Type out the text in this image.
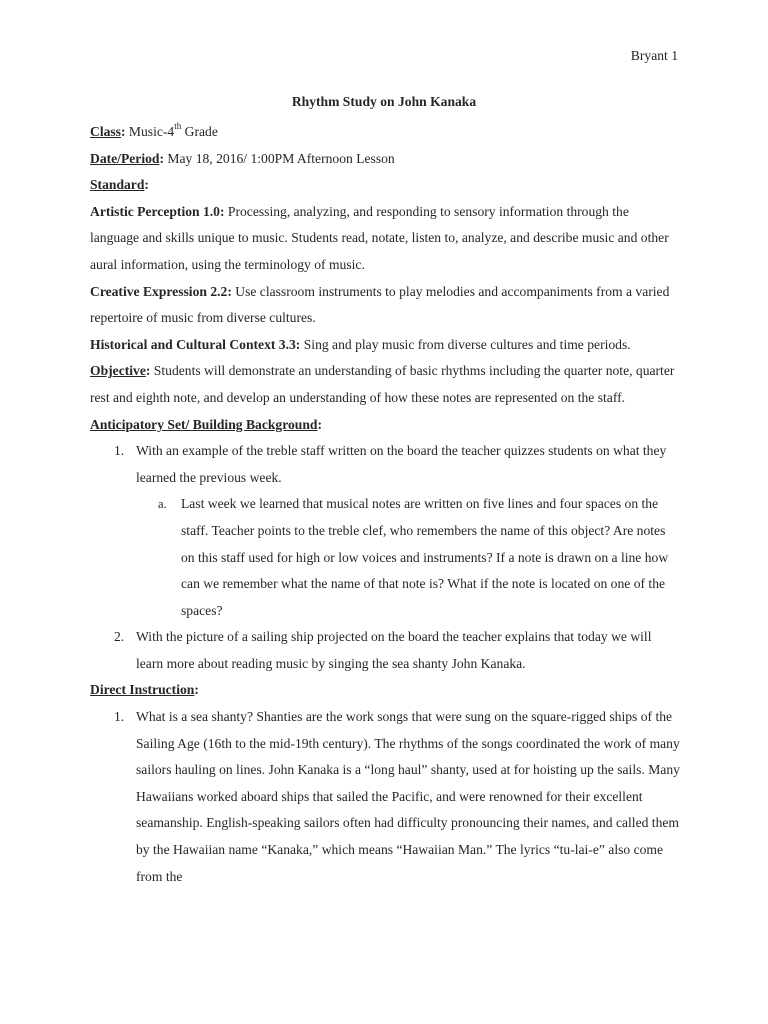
Bryant 1
Rhythm Study on John Kanaka

Class: Music-4th Grade

Date/Period: May 18, 2016/ 1:00PM Afternoon Lesson

Standard:

Artistic Perception 1.0: Processing, analyzing, and responding to sensory information through the language and skills unique to music. Students read, notate, listen to, analyze, and describe music and other aural information, using the terminology of music.

Creative Expression 2.2: Use classroom instruments to play melodies and accompaniments from a varied repertoire of music from diverse cultures.

Historical and Cultural Context 3.3: Sing and play music from diverse cultures and time periods.

Objective: Students will demonstrate an understanding of basic rhythms including the quarter note, quarter rest and eighth note, and develop an understanding of how these notes are represented on the staff.

Anticipatory Set/ Building Background:

1. With an example of the treble staff written on the board the teacher quizzes students on what they learned the previous week.
a. Last week we learned that musical notes are written on five lines and four spaces on the staff. Teacher points to the treble clef, who remembers the name of this object? Are notes on this staff used for high or low voices and instruments? If a note is drawn on a line how can we remember what the name of that note is? What if the note is located on one of the spaces?
2. With the picture of a sailing ship projected on the board the teacher explains that today we will learn more about reading music by singing the sea shanty John Kanaka.

Direct Instruction:

1. What is a sea shanty? Shanties are the work songs that were sung on the square-rigged ships of the Sailing Age (16th to the mid-19th century). The rhythms of the songs coordinated the work of many sailors hauling on lines. John Kanaka is a “long haul” shanty, used at for hoisting up the sails. Many Hawaiians worked aboard ships that sailed the Pacific, and were renowned for their excellent seamanship. English-speaking sailors often had difficulty pronouncing their names, and called them by the Hawaiian name “Kanaka,” which means “Hawaiian Man.” The lyrics “tu-lai-e” also come from the
